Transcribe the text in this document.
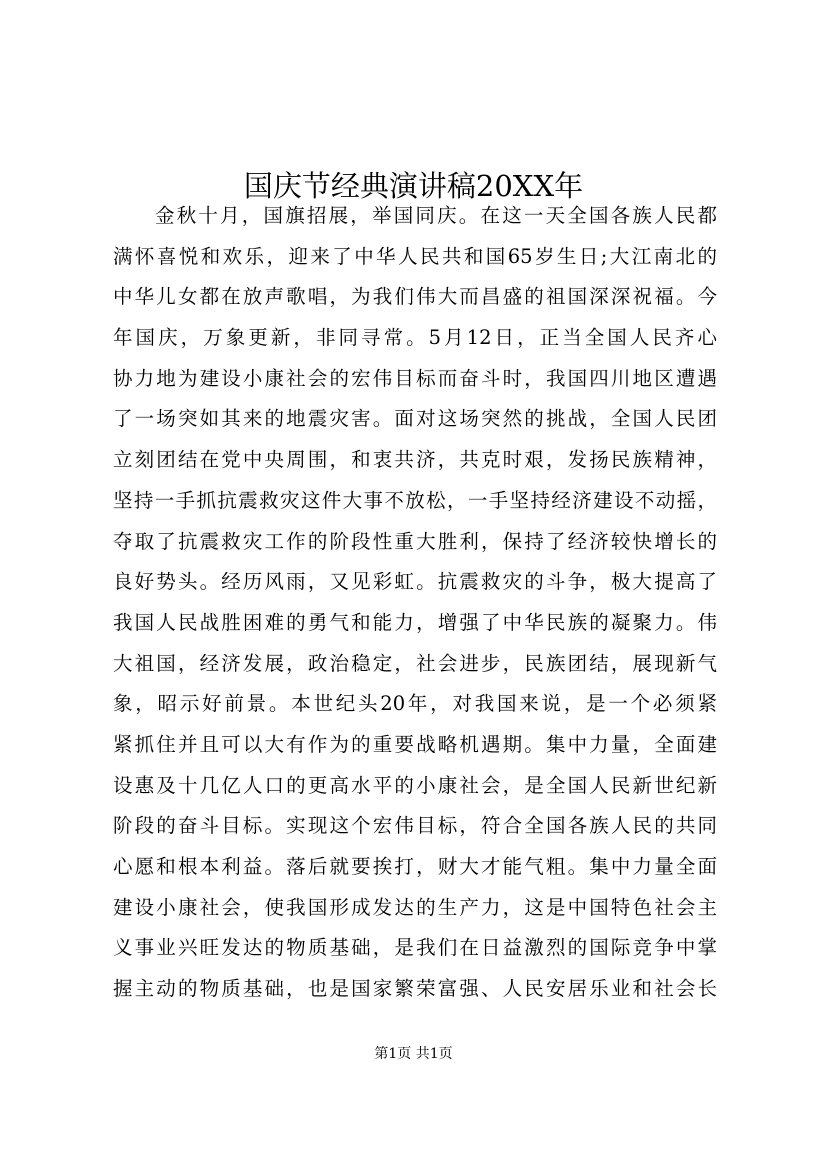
国庆节经典演讲稿20XX年
金秋十月，国旗招展，举国同庆。在这一天全国各族人民都
满怀喜悦和欢乐，迎来了中华人民共和国65岁生日;大江南北的
中华儿女都在放声歌唱，为我们伟大而昌盛的祖国深深祝福。今
年国庆，万象更新，非同寻常。5月12日，正当全国人民齐心
协力地为建设小康社会的宏伟目标而奋斗时，我国四川地区遭遇
了一场突如其来的地震灾害。面对这场突然的挑战，全国人民团
立刻团结在党中央周围，和衷共济，共克时艰，发扬民族精神，
坚持一手抓抗震救灾这件大事不放松，一手坚持经济建设不动摇，
夺取了抗震救灾工作的阶段性重大胜利，保持了经济较快增长的
良好势头。经历风雨，又见彩虹。抗震救灾的斗争，极大提高了
我国人民战胜困难的勇气和能力，增强了中华民族的凝聚力。伟
大祖国，经济发展，政治稳定，社会进步，民族团结，展现新气
象，昭示好前景。本世纪头20年，对我国来说，是一个必须紧
紧抓住并且可以大有作为的重要战略机遇期。集中力量，全面建
设惠及十几亿人口的更高水平的小康社会，是全国人民新世纪新
阶段的奋斗目标。实现这个宏伟目标，符合全国各族人民的共同
心愿和根本利益。落后就要挨打，财大才能气粗。集中力量全面
建设小康社会，使我国形成发达的生产力，这是中国特色社会主
义事业兴旺发达的物质基础，是我们在日益激烈的国际竞争中掌
握主动的物质基础，也是国家繁荣富强、人民安居乐业和社会长
第1页 共1页
